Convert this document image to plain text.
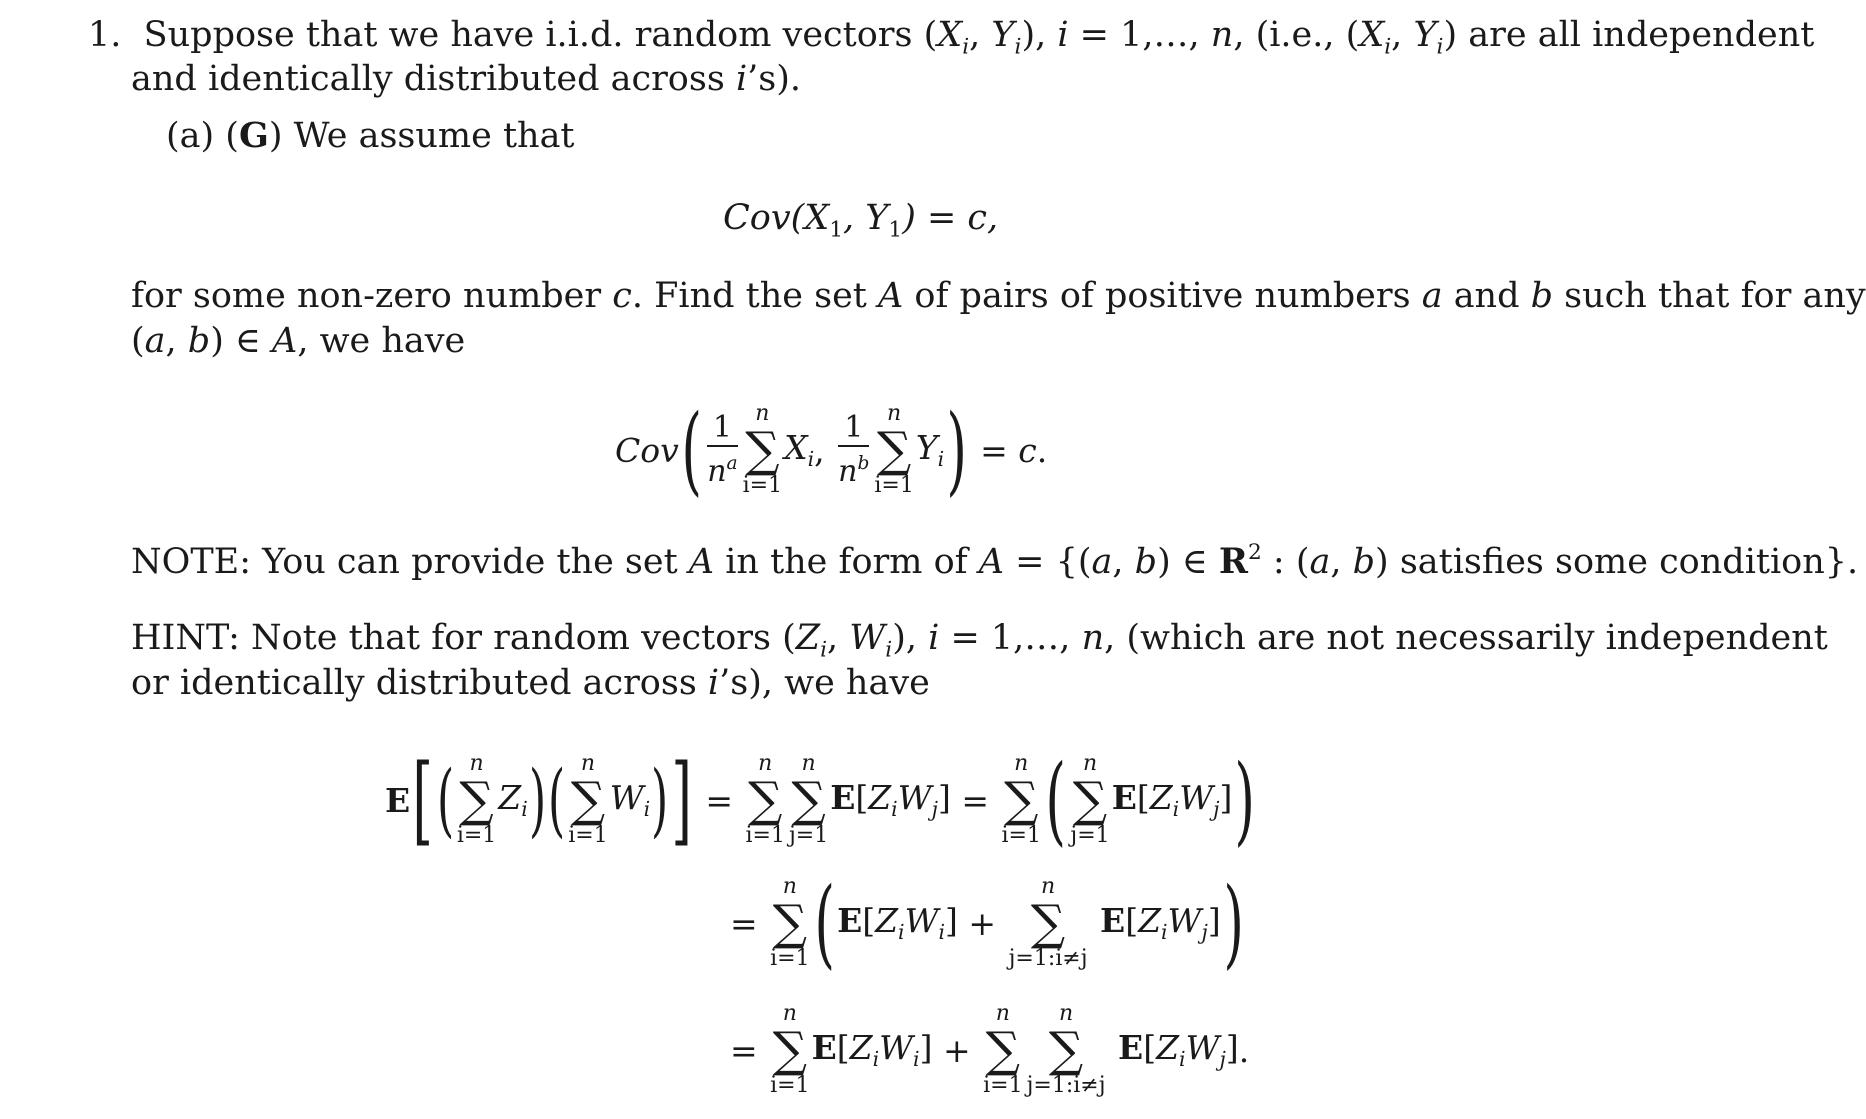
1.  Suppose that we have i.i.d. random vectors ($X_i$, $Y_i$), i = 1,…, n, (i.e., ($X_i$, $Y_i$) are all independent
and identically distributed across i’s).
(a) (G) We assume that
$Cov(X_1$, $Y_1) = c$,
for some non-zero number c. Find the set A of pairs of positive numbers a and b such that for any
(a, b) ∈ A, we have
Cov ( $\frac{1}{n^a}$ n
∑
i=1
$X_i$ , $\frac{1}{n^b}$ n
∑
i=1
$Y_i$ ) = c .
NOTE: You can provide the set A in the form of A = {(a, b) ∈ $R^2$ : (a, b) satisfies some condition}.
HINT: Note that for random vectors ($Z_i$, $W_i$), i = 1,…, n, (which are not necessarily independent
or identically distributed across i’s), we have
E [ ( n
∑
i=1
$Z_i$ ) ( n
∑
i=1
$W_i$ ) ] =
n
∑
i=1
n
∑
j=1
$E[Z_iW_j]$ =
n
∑
i=1 ( n
∑
j=1
$E[Z_iW_j]$ )
=
n
∑
i=1 ( $E[Z_iW_i]$ +
n
∑
j=1:i≠j

$E[Z_iW_j]$ )
=
n
∑
i=1
$E[Z_iW_i]$ +
n
∑
i=1
n
∑
j=1:i≠j

$E[Z_iW_j]$ .
